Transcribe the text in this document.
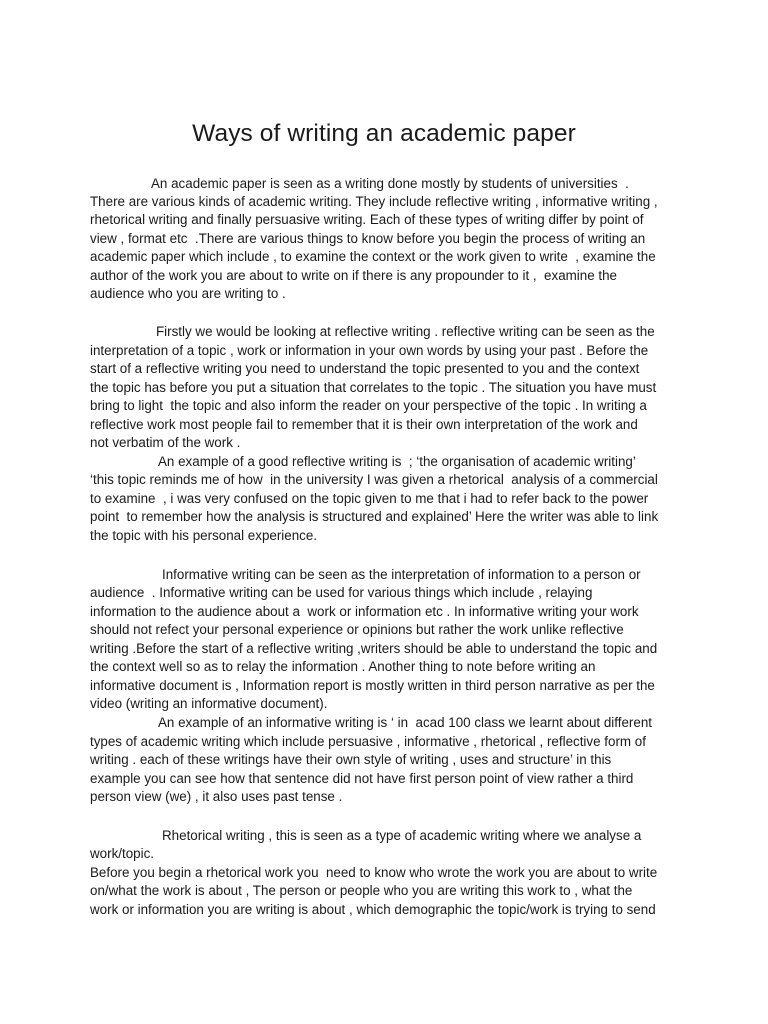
Ways of writing an academic paper

An academic paper is seen as a writing done mostly by students of universities  .

There are various kinds of academic writing. They include reflective writing , informative writing ,

rhetorical writing and finally persuasive writing. Each of these types of writing differ by point of

view , format etc  .There are various things to know before you begin the process of writing an

academic paper which include , to examine the context or the work given to write  , examine the

author of the work you are about to write on if there is any propounder to it ,  examine the

audience who you are writing to .

Firstly we would be looking at reflective writing . reflective writing can be seen as the

interpretation of a topic , work or information in your own words by using your past . Before the

start of a reflective writing you need to understand the topic presented to you and the context

the topic has before you put a situation that correlates to the topic . The situation you have must

bring to light  the topic and also inform the reader on your perspective of the topic . In writing a

reflective work most people fail to remember that it is their own interpretation of the work and

not verbatim of the work .

An example of a good reflective writing is  ; ‘the organisation of academic writing’

‘this topic reminds me of how  in the university I was given a rhetorical  analysis of a commercial

to examine  , i was very confused on the topic given to me that i had to refer back to the power

point  to remember how the analysis is structured and explained’ Here the writer was able to link

the topic with his personal experience.

Informative writing can be seen as the interpretation of information to a person or

audience  . Informative writing can be used for various things which include , relaying

information to the audience about a  work or information etc . In informative writing your work

should not refect your personal experience or opinions but rather the work unlike reflective

writing .Before the start of a reflective writing ,writers should be able to understand the topic and

the context well so as to relay the information . Another thing to note before writing an

informative document is , Information report is mostly written in third person narrative as per the

video (writing an informative document).

An example of an informative writing is ‘ in  acad 100 class we learnt about different

types of academic writing which include persuasive , informative , rhetorical , reflective form of

writing . each of these writings have their own style of writing , uses and structure’ in this

example you can see how that sentence did not have first person point of view rather a third

person view (we) , it also uses past tense .

Rhetorical writing , this is seen as a type of academic writing where we analyse a

work/topic.

Before you begin a rhetorical work you  need to know who wrote the work you are about to write

on/what the work is about , The person or people who you are writing this work to , what the

work or information you are writing is about , which demographic the topic/work is trying to send
